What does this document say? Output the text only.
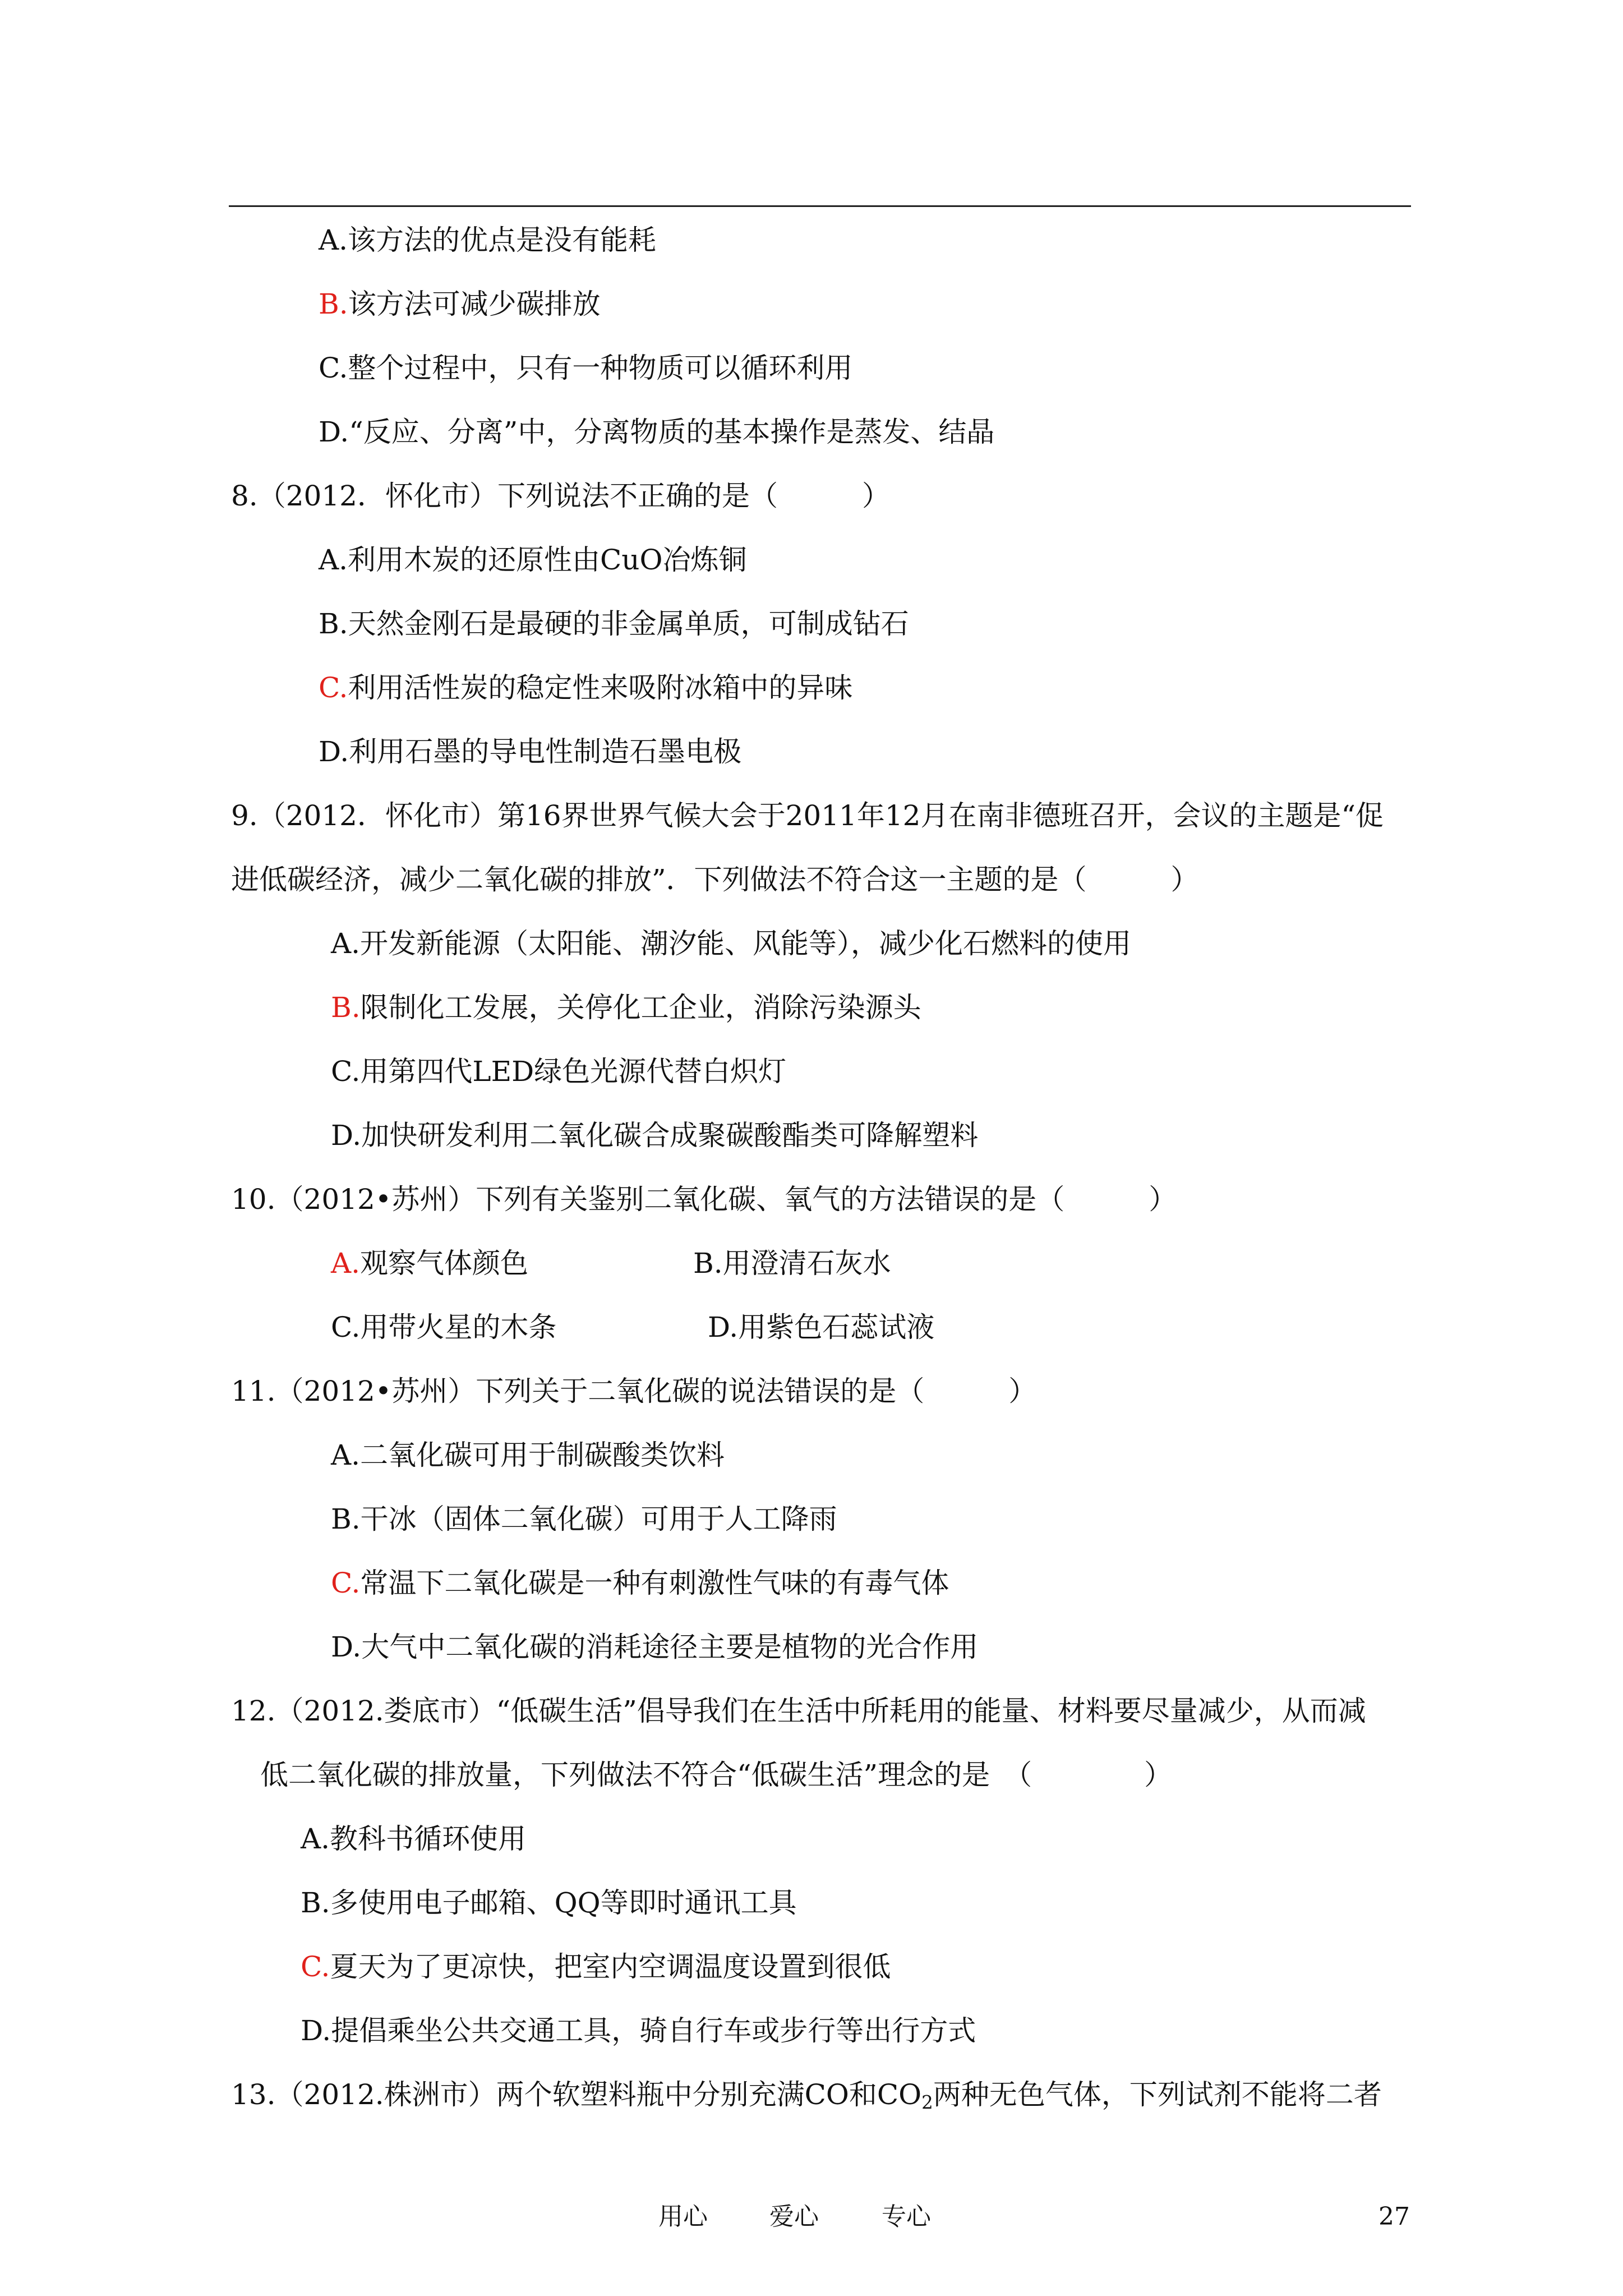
A.该方法的优点是没有能耗
B.该方法可减少碳排放
C.整个过程中，只有一种物质可以循环利用
D.“反应、分离”中，分离物质的基本操作是蒸发、结晶
8.（2012．怀化市）下列说法不正确的是（　　　）
A.利用木炭的还原性由CuO冶炼铜
B.天然金刚石是最硬的非金属单质，可制成钻石
C.利用活性炭的稳定性来吸附冰箱中的异味
D.利用石墨的导电性制造石墨电极
9.（2012．怀化市）第16界世界气候大会于2011年12月在南非德班召开，会议的主题是“促
进低碳经济，减少二氧化碳的排放”．下列做法不符合这一主题的是（　　　）
A.开发新能源（太阳能、潮汐能、风能等），减少化石燃料的使用
B.限制化工发展，关停化工企业，消除污染源头
C.用第四代LED绿色光源代替白炽灯
D.加快研发利用二氧化碳合成聚碳酸酯类可降解塑料
10.（2012•苏州）下列有关鉴别二氧化碳、氧气的方法错误的是（　　　）
A.观察气体颜色	B.用澄清石灰水
C.用带火星的木条	D.用紫色石蕊试液
11.（2012•苏州）下列关于二氧化碳的说法错误的是（　　　）
A.二氧化碳可用于制碳酸类饮料
B.干冰（固体二氧化碳）可用于人工降雨
C.常温下二氧化碳是一种有刺激性气味的有毒气体
D.大气中二氧化碳的消耗途径主要是植物的光合作用
12.（2012.娄底市）“低碳生活”倡导我们在生活中所耗用的能量、材料要尽量减少，从而减
低二氧化碳的排放量，下列做法不符合“低碳生活”理念的是　（　　　　）
A.教科书循环使用
B.多使用电子邮箱、QQ等即时通讯工具
C.夏天为了更凉快，把室内空调温度设置到很低
D.提倡乘坐公共交通工具，骑自行车或步行等出行方式
13.（2012.株洲市）两个软塑料瓶中分别充满CO和$CO_2$两种无色气体，下列试剂不能将二者
用心	爱心	专心	27
